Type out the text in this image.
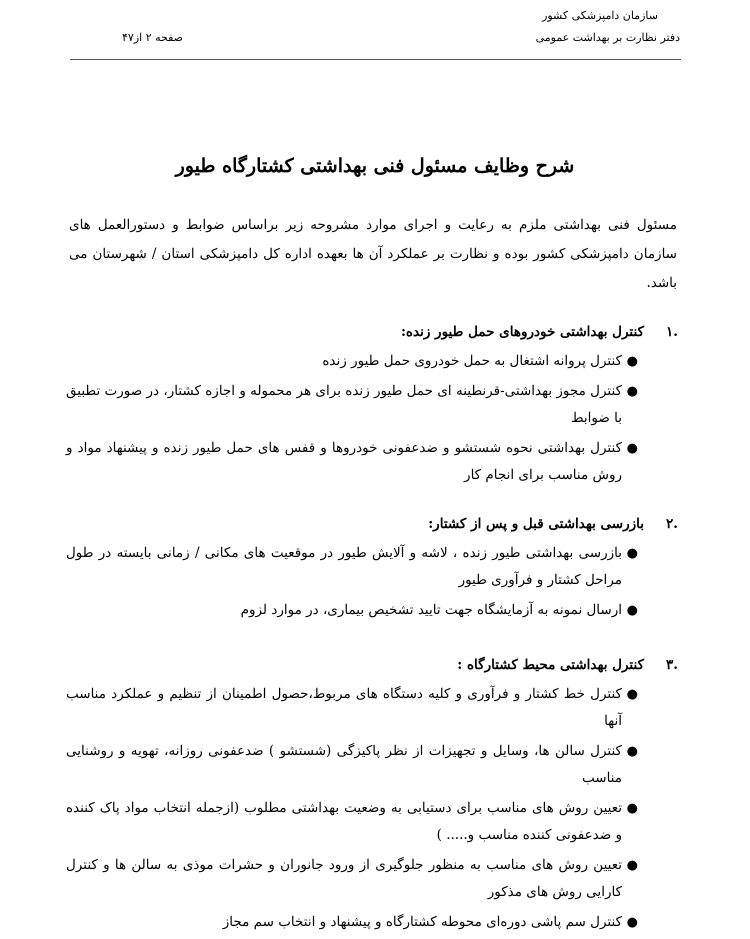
سازمان دامپزشکی کشور
دفتر نظارت بر بهداشت عمومی
صفحه ۲ از۴۷
شرح وظایف مسئول فنی بهداشتی کشتارگاه طیور
مسئول فنی بهداشتی ملزم به رعایت و اجرای موارد مشروحه زیر براساس ضوابط و دستورالعمل های سازمان دامپزشکی کشور بوده و نظارت بر عملکرد آن ها بعهده اداره کل دامپزشکی استان / شهرستان می باشد.
.۱
کنترل بهداشتی خودروهای حمل طیور زنده:
●
کنترل پروانه اشتغال به حمل خودروی حمل طیور زنده
●
کنترل مجوز بهداشتی-قرنطینه ای حمل طیور زنده برای هر محموله و اجازه کشتار، در صورت تطبیق با ضوابط
●
کنترل بهداشتی نحوه شستشو و ضدعفونی خودروها و قفس های حمل طیور زنده و پیشنهاد مواد و روش مناسب برای انجام کار
.۲
بازرسی بهداشتی قبل و پس از کشتار:
●
بازرسی بهداشتی طیور زنده ، لاشه و آلایش طیور در موقعیت های مکانی / زمانی بایسته در طول مراحل کشتار و فرآوری طیور
●
ارسال نمونه به آزمایشگاه جهت تایید تشخیص بیماری، در موارد لزوم
.۳
کنترل بهداشتی محیط کشتارگاه :
●
کنترل خط کشتار و فرآوری و کلیه دستگاه های مربوط،حصول اطمینان از تنظیم و عملکرد مناسب آنها
●
کنترل سالن ها، وسایل و تجهیزات از نظر پاکیزگی (شستشو ) ضدعفونی روزانه، تهویه و روشنایی مناسب
●
تعیین روش های مناسب برای دستیابی به وضعیت بهداشتی مطلوب (ازجمله انتخاب مواد پاک کننده و ضدعفونی کننده مناسب و..... )
●
تعیین روش های مناسب به منظور جلوگیری از ورود جانوران و حشرات موذی به سالن ها و کنترل کارایی روش های مذکور
●
کنترل سم پاشی دوره‌ای محوطه کشتارگاه و پیشنهاد و انتخاب سم مجاز
